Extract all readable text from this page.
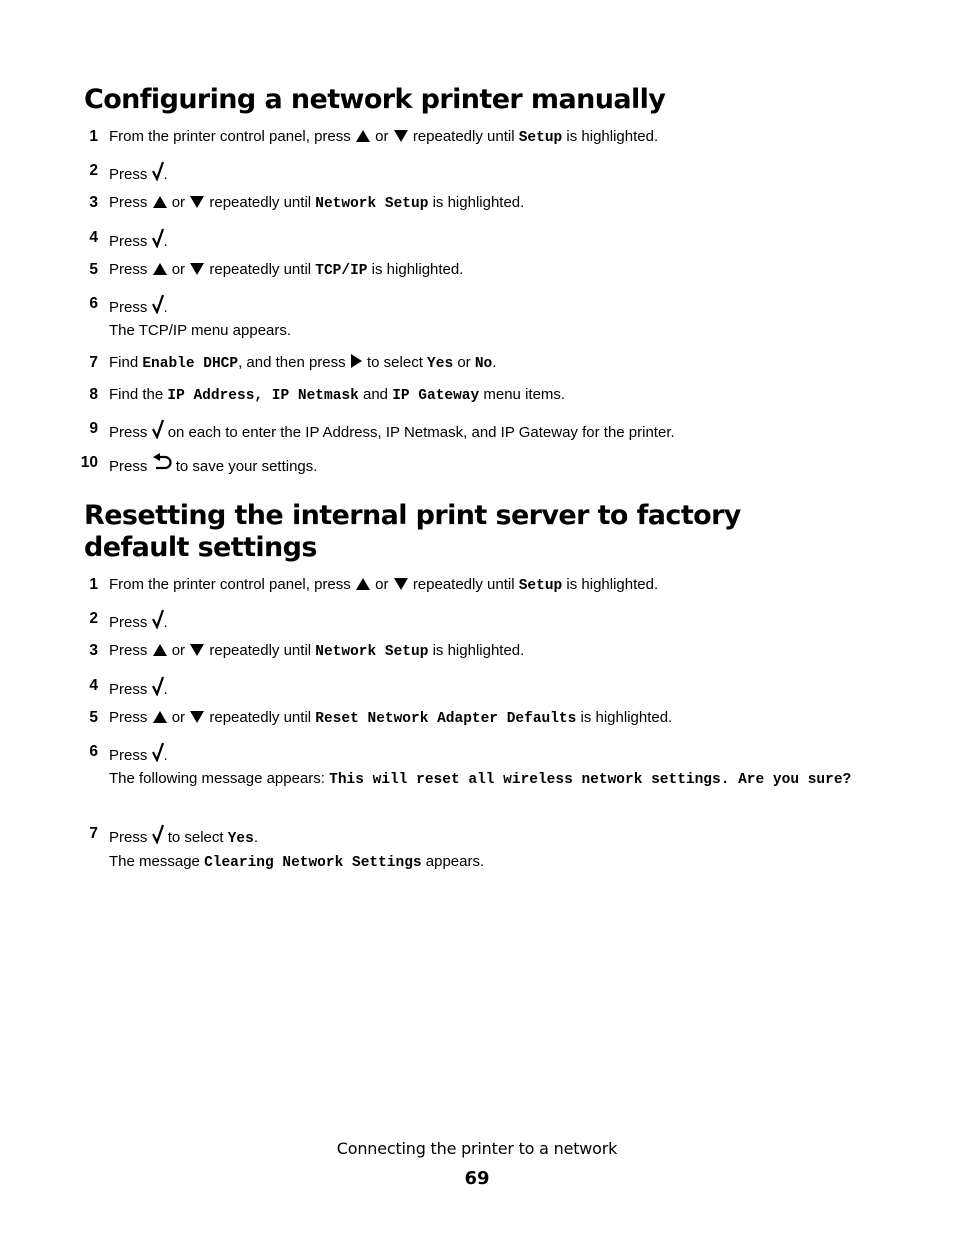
Configuring a network printer manually
1 From the printer control panel, press or repeatedly until Setup is highlighted.
2 Press .
3 Press or repeatedly until Network Setup is highlighted.
4 Press .
5 Press or repeatedly until TCP/IP is highlighted.
6 Press .
The TCP/IP menu appears.
7 Find Enable DHCP, and then press to select Yes or No.
8 Find the IP Address, IP Netmask and IP Gateway menu items.
9 Press on each to enter the IP Address, IP Netmask, and IP Gateway for the printer.
10 Press to save your settings.
Resetting the internal print server to factory default settings
1 From the printer control panel, press or repeatedly until Setup is highlighted.
2 Press .
3 Press or repeatedly until Network Setup is highlighted.
4 Press .
5 Press or repeatedly until Reset Network Adapter Defaults is highlighted.
6 Press .
The following message appears: This will reset all wireless network settings. Are you sure?
7 Press to select Yes.
The message Clearing Network Settings appears.
Connecting the printer to a network
69
